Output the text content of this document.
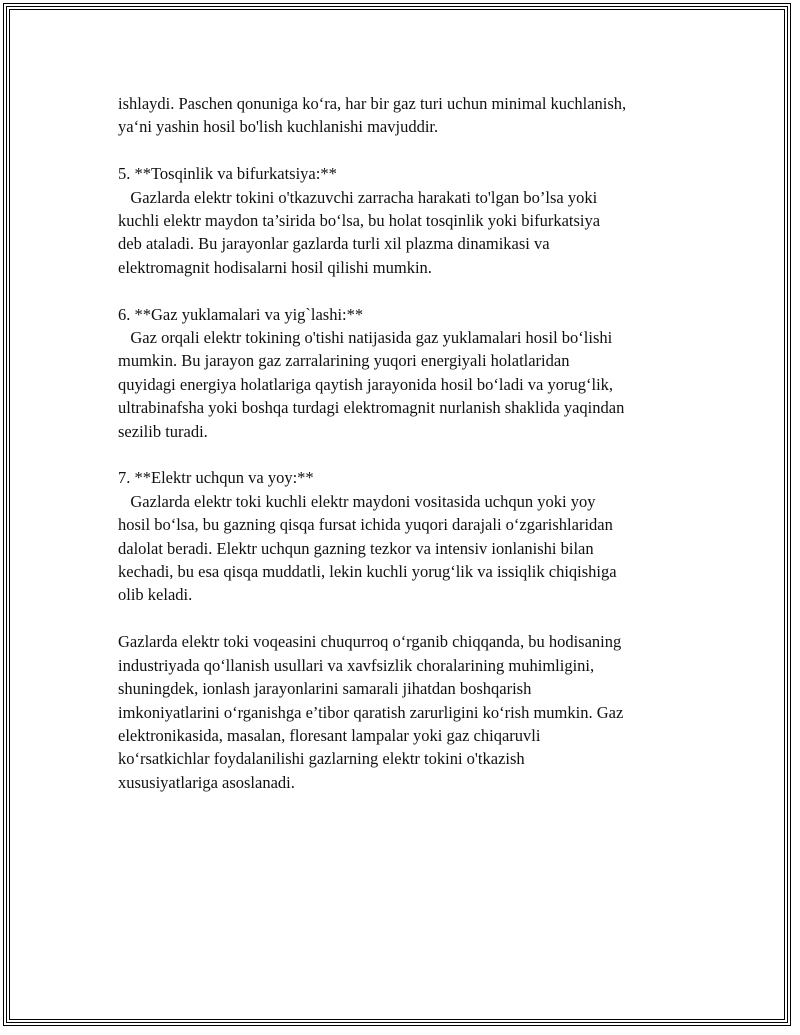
ishlaydi. Paschen qonuniga ko‘ra, har bir gaz turi uchun minimal kuchlanish,
ya‘ni yashin hosil bo'lish kuchlanishi mavjuddir.
5. **Tosqinlik va bifurkatsiya:**
Gazlarda elektr tokini o'tkazuvchi zarracha harakati to'lgan bo’lsa yoki
kuchli elektr maydon ta’sirida bo‘lsa, bu holat tosqinlik yoki bifurkatsiya
deb ataladi. Bu jarayonlar gazlarda turli xil plazma dinamikasi va
elektromagnit hodisalarni hosil qilishi mumkin.
6. **Gaz yuklamalari va yig`lashi:**
Gaz orqali elektr tokining o'tishi natijasida gaz yuklamalari hosil bo‘lishi
mumkin. Bu jarayon gaz zarralarining yuqori energiyali holatlaridan
quyidagi energiya holatlariga qaytish jarayonida hosil bo‘ladi va yorug‘lik,
ultrabinafsha yoki boshqa turdagi elektromagnit nurlanish shaklida yaqindan
sezilib turadi.
7. **Elektr uchqun va yoy:**
Gazlarda elektr toki kuchli elektr maydoni vositasida uchqun yoki yoy
hosil bo‘lsa, bu gazning qisqa fursat ichida yuqori darajali o‘zgarishlaridan
dalolat beradi. Elektr uchqun gazning tezkor va intensiv ionlanishi bilan
kechadi, bu esa qisqa muddatli, lekin kuchli yorug‘lik va issiqlik chiqishiga
olib keladi.
Gazlarda elektr toki voqeasini chuqurroq o‘rganib chiqqanda, bu hodisaning
industriyada qo‘llanish usullari va xavfsizlik choralarining muhimligini,
shuningdek, ionlash jarayonlarini samarali jihatdan boshqarish
imkoniyatlarini o‘rganishga e’tibor qaratish zarurligini ko‘rish mumkin. Gaz
elektronikasida, masalan, floresant lampalar yoki gaz chiqaruvli
ko‘rsatkichlar foydalanilishi gazlarning elektr tokini o'tkazish
xususiyatlariga asoslanadi.
